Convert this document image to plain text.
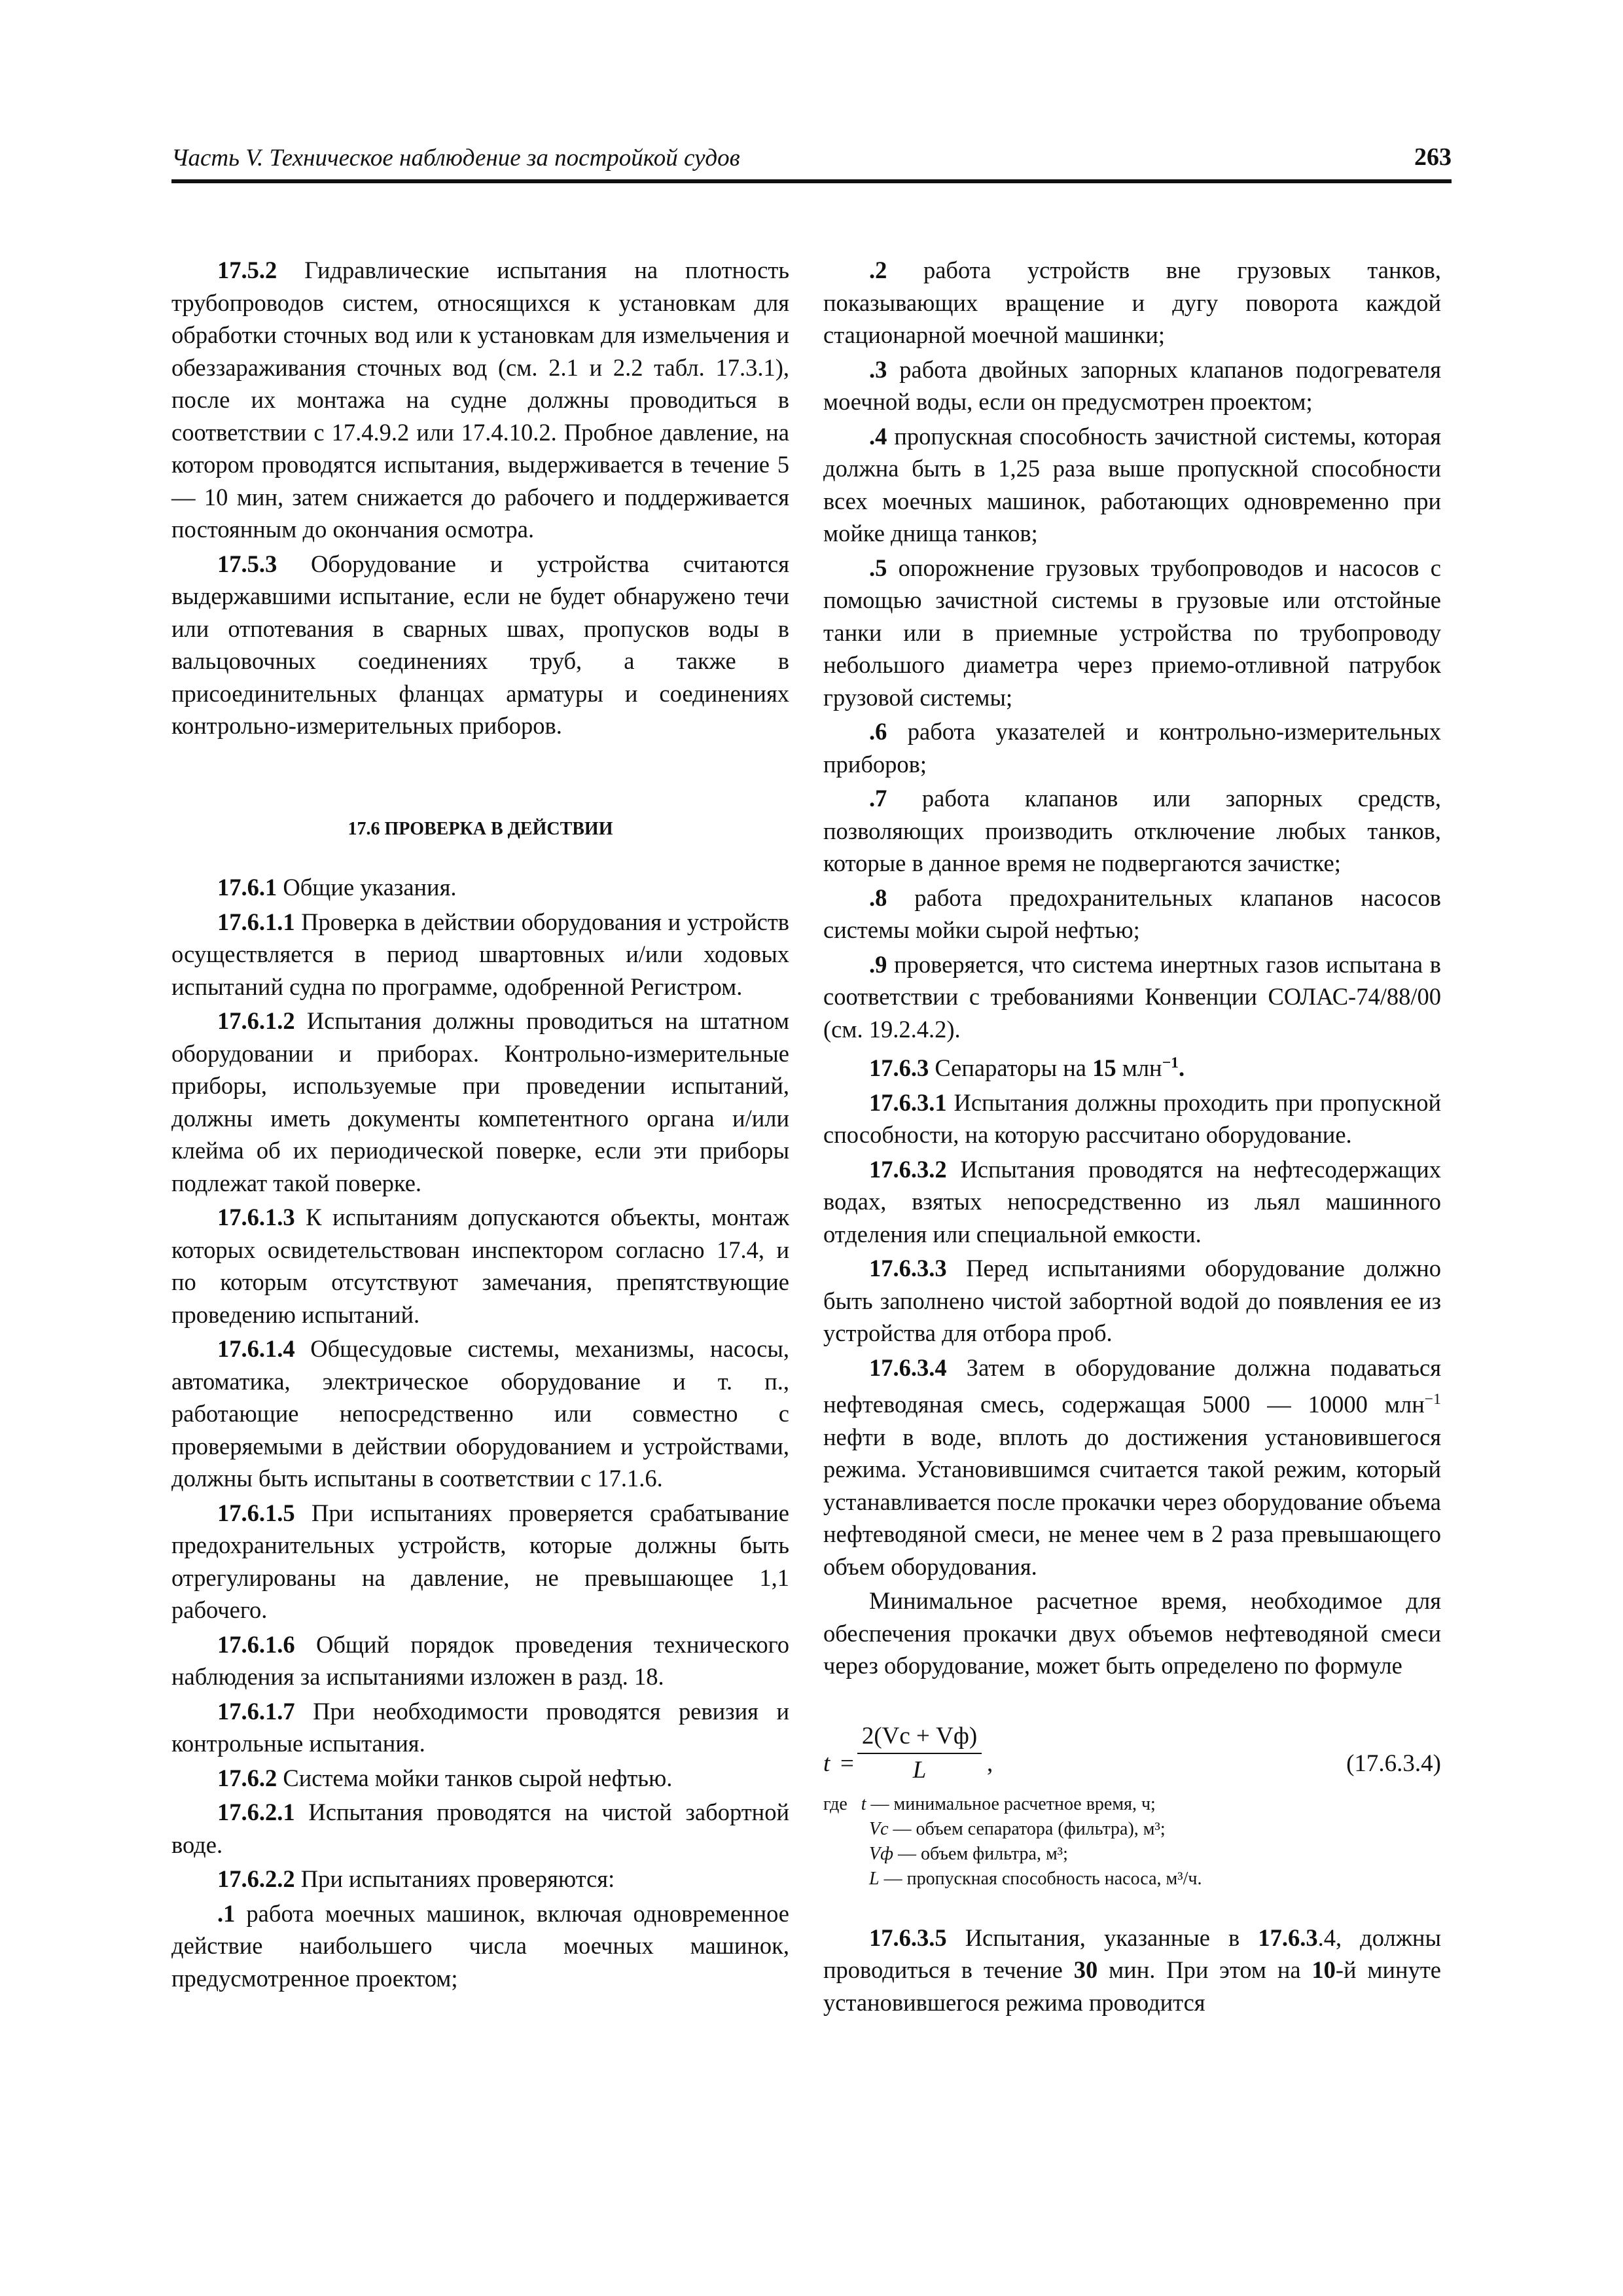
Часть V. Техническое наблюдение за постройкой судов	263

17.5.2 Гидравлические испытания на плотность трубопроводов систем, относящихся к установкам для обработки сточных вод или к установкам для измельчения и обеззараживания сточных вод (см. 2.1 и 2.2 табл. 17.3.1), после их монтажа на судне должны проводиться в соответствии с 17.4.9.2 или 17.4.10.2. Пробное давление, на котором проводятся испытания, выдерживается в течение 5 — 10 мин, затем снижается до рабочего и поддерживается постоянным до окончания осмотра.

17.5.3 Оборудование и устройства считаются выдержавшими испытание, если не будет обнаружено течи или отпотевания в сварных швах, пропусков воды в вальцовочных соединениях труб, а также в присоединительных фланцах арматуры и соединениях контрольно-измерительных приборов.

17.6 ПРОВЕРКА В ДЕЙСТВИИ

17.6.1 Общие указания.

17.6.1.1 Проверка в действии оборудования и устройств осуществляется в период швартовных и/или ходовых испытаний судна по программе, одобренной Регистром.

17.6.1.2 Испытания должны проводиться на штатном оборудовании и приборах. Контрольно-измерительные приборы, используемые при проведении испытаний, должны иметь документы компетентного органа и/или клейма об их периодической поверке, если эти приборы подлежат такой поверке.

17.6.1.3 К испытаниям допускаются объекты, монтаж которых освидетельствован инспектором согласно 17.4, и по которым отсутствуют замечания, препятствующие проведению испытаний.

17.6.1.4 Общесудовые системы, механизмы, насосы, автоматика, электрическое оборудование и т. п., работающие непосредственно или совместно с проверяемыми в действии оборудованием и устройствами, должны быть испытаны в соответствии с 17.1.6.

17.6.1.5 При испытаниях проверяется срабатывание предохранительных устройств, которые должны быть отрегулированы на давление, не превышающее 1,1 рабочего.

17.6.1.6 Общий порядок проведения технического наблюдения за испытаниями изложен в разд. 18.

17.6.1.7 При необходимости проводятся ревизия и контрольные испытания.

17.6.2 Система мойки танков сырой нефтью.

17.6.2.1 Испытания проводятся на чистой забортной воде.

17.6.2.2 При испытаниях проверяются:

.1 работа моечных машинок, включая одновременное действие наибольшего числа моечных машинок, предусмотренное проектом;

.2 работа устройств вне грузовых танков, показывающих вращение и дугу поворота каждой стационарной моечной машинки;

.3 работа двойных запорных клапанов подогревателя моечной воды, если он предусмотрен проектом;

.4 пропускная способность зачистной системы, которая должна быть в 1,25 раза выше пропускной способности всех моечных машинок, работающих одновременно при мойке днища танков;

.5 опорожнение грузовых трубопроводов и насосов с помощью зачистной системы в грузовые или отстойные танки или в приемные устройства по трубопроводу небольшого диаметра через приемо-отливной патрубок грузовой системы;

.6 работа указателей и контрольно-измерительных приборов;

.7 работа клапанов или запорных средств, позволяющих производить отключение любых танков, которые в данное время не подвергаются зачистке;

.8 работа предохранительных клапанов насосов системы мойки сырой нефтью;

.9 проверяется, что система инертных газов испытана в соответствии с требованиями Конвенции СОЛАС-74/88/00 (см. 19.2.4.2).

17.6.3 Сепараторы на 15 млн$^{-1}$.

17.6.3.1 Испытания должны проходить при пропускной способности, на которую рассчитано оборудование.

17.6.3.2 Испытания проводятся на нефтесодержащих водах, взятых непосредственно из льял машинного отделения или специальной емкости.

17.6.3.3 Перед испытаниями оборудование должно быть заполнено чистой забортной водой до появления ее из устройства для отбора проб.

17.6.3.4 Затем в оборудование должна подаваться нефтеводяная смесь, содержащая 5000 — 10000 млн$^{-1}$ нефти в воде, вплоть до достижения установившегося режима. Установившимся считается такой режим, который устанавливается после прокачки через оборудование объема нефтеводяной смеси, не менее чем в 2 раза превышающего объем оборудования.

Минимальное расчетное время, необходимое для обеспечения прокачки двух объемов нефтеводяной смеси через оборудование, может быть определено по формуле

t =
2(Vс + Vф)
L	,	(17.6.3.4)
где t — минимальное расчетное время, ч;
Vс — объем сепаратора (фильтра), м³;
Vф — объем фильтра, м³;
L — пропускная способность насоса, м³/ч.

17.6.3.5 Испытания, указанные в 17.6.3.4, должны проводиться в течение 30 мин. При этом на 10-й минуте установившегося режима проводится
